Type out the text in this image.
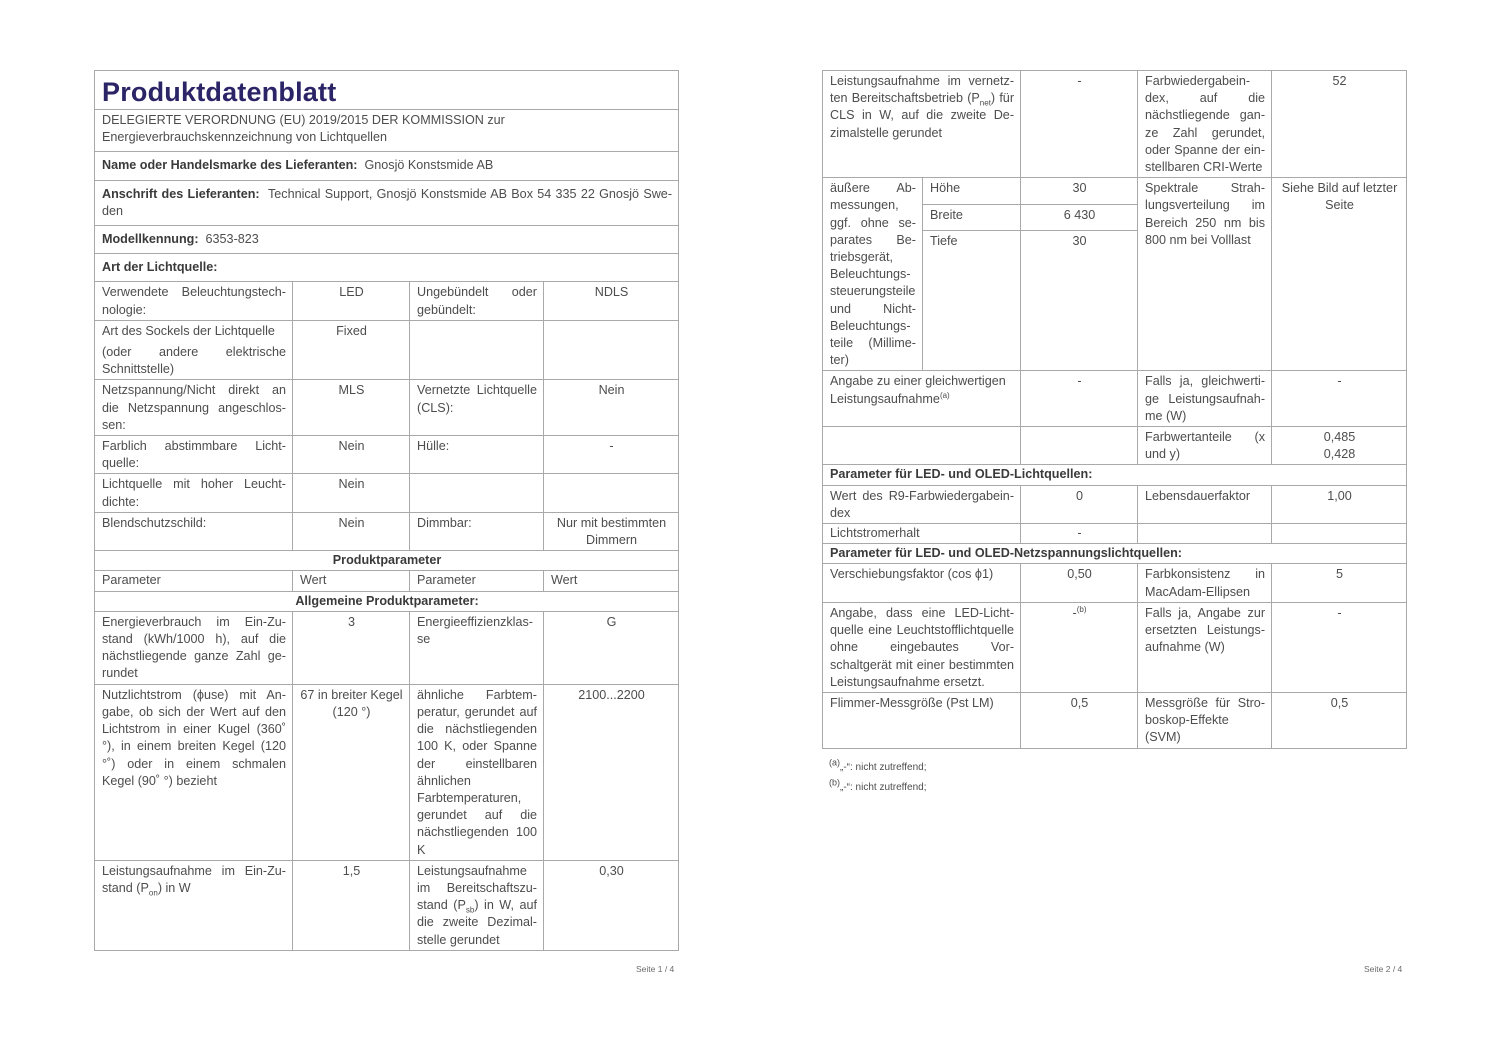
Produktdatenblatt			

DELEGIERTE VERORDNUNG (EU) 2019/2015 DER KOMMISSION zur
Energieverbrauchskennzeichnung von Lichtquellen			

Name oder Handelsmarke des Lieferanten: Gnosjö Konstsmide AB			
Anschrift des Lieferanten: Technical Support, Gnosjö Konstsmide AB Box 54 335 22 Gnosjö Sweden			
Modellkennung: 6353-823			
Art der Lichtquelle:			
Verwendete Beleuchtungstechnologie:	LED	Ungebündelt oder gebündelt:	NDLS

Art des Sockels der Lichtquelle
(oder andere elektrische Schnittstelle)	Fixed		
Netzspannung/Nicht direkt an die Netzspannung angeschlossen:	MLS	Vernetzte Lichtquelle (CLS):	Nein
Farblich abstimmbare Lichtquelle:	Nein	Hülle:	-
Lichtquelle mit hoher Leuchtdichte:	Nein		
Blendschutzschild:	Nein	Dimmbar:	Nur mit bestimmten Dimmern
Produktparameter			
Parameter	Wert	Parameter	Wert
Allgemeine Produktparameter:			
Energieverbrauch im Ein-Zustand (kWh/1000 h), auf die nächstliegende ganze Zahl gerundet	3	Energieeffizienzklasse	G
Nutzlichtstrom (ϕuse) mit Angabe, ob sich der Wert auf den Lichtstrom in einer Kugel (360˚ °), in einem breiten Kegel (120 °˚) oder in einem schmalen Kegel (90˚ °) bezieht	67 in breiter Kegel (120 °)	ähnliche Farbtemperatur, gerundet auf die nächstliegenden 100 K, oder Spanne der einstellbaren ähnlichen Farbtemperaturen, gerundet auf die nächstliegenden 100 K	2100...2200
Leistungsaufnahme im Ein-Zustand $(P_{on})$ in W	1,5	Leistungsaufnahme im Bereitschaftszustand $(P_{sb})$ in W, auf die zweite Dezimalstelle gerundet	0,30
Seite 1 / 4
Leistungsaufnahme im vernetzten Bereitschaftsbetrieb $(P_{net})$ für CLS in W, auf die zweite Dezimalstelle gerundet		-	Farbwiedergabeindex, auf die nächstliegende ganze Zahl gerundet, oder Spanne der einstellbaren CRI-Werte	52
äußere Abmessungen, ggf. ohne separates Betriebsgerät, Beleuchtungssteuerungsteile und Nicht-Beleuchtungsteile (Millimeter)	Höhe	30	Spektrale Strahlungsverteilung im Bereich 250 nm bis 800 nm bei Volllast	Siehe Bild auf letzter Seite
	Breite	6 430		
	Tiefe	30		
Angabe zu einer gleichwertigen Leistungsaufnahme$^{(a)}$		-	Falls ja, gleichwertige Leistungsaufnahme (W)	-
			Farbwertanteile (x und y)	0,485
0,428

Parameter für LED- und OLED-Lichtquellen:				
Wert des R9-Farbwiedergabeindex		0	Lebensdauerfaktor	1,00
Lichtstromerhalt		-		
Parameter für LED- und OLED-Netzspannungslichtquellen:				
Verschiebungsfaktor (cos ϕ1)		0,50	Farbkonsistenz in MacAdam-Ellipsen	5
Angabe, dass eine LED-Lichtquelle eine Leuchtstofflichtquelle ohne eingebautes Vorschaltgerät mit einer bestimmten Leistungsaufnahme ersetzt.		-$^{(b)}$	Falls ja, Angabe zur ersetzten Leistungsaufnahme (W)	-
Flimmer-Messgröße (Pst LM)		0,5	Messgröße für Stroboskop-Effekte (SVM)	0,5
$^{(a)}$„-“: nicht zutreffend;
$^{(b)}$„-“: nicht zutreffend;
Seite 2 / 4
